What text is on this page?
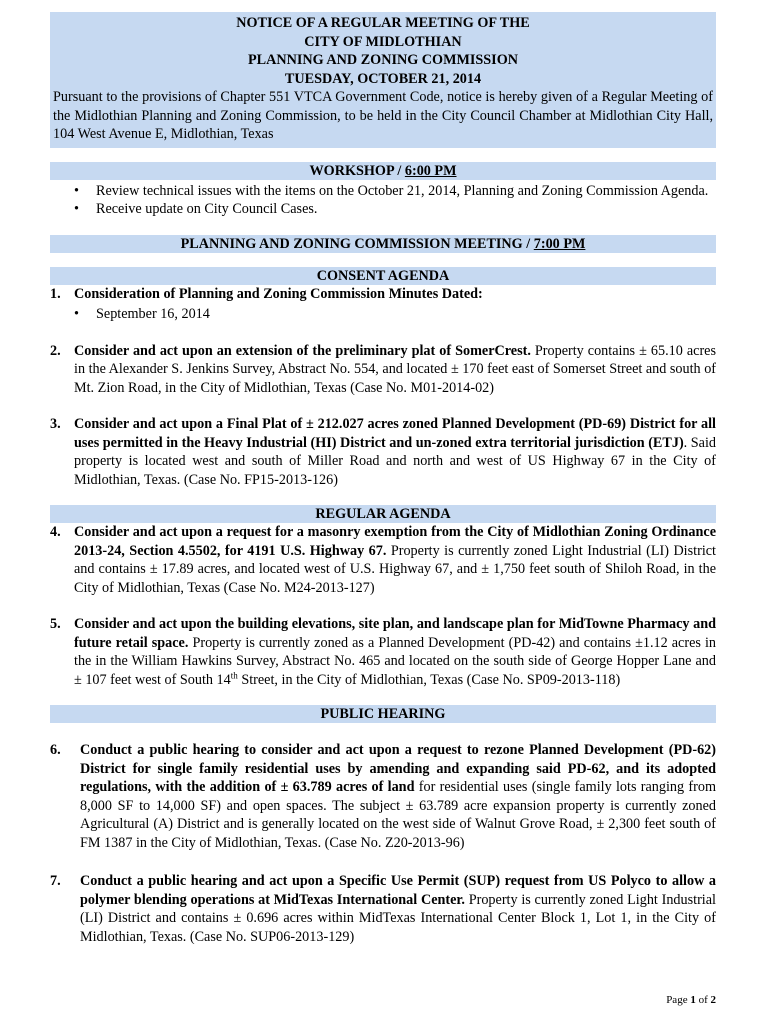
NOTICE OF A REGULAR MEETING OF THE
CITY OF MIDLOTHIAN
PLANNING AND ZONING COMMISSION
TUESDAY, OCTOBER 21, 2014
Pursuant to the provisions of Chapter 551 VTCA Government Code, notice is hereby given of a Regular Meeting of the Midlothian Planning and Zoning Commission, to be held in the City Council Chamber at Midlothian City Hall, 104 West Avenue E, Midlothian, Texas
WORKSHOP / 6:00 PM
• Review technical issues with the items on the October 21, 2014, Planning and Zoning Commission Agenda.
• Receive update on City Council Cases.
PLANNING AND ZONING COMMISSION MEETING / 7:00 PM
CONSENT AGENDA
1. Consideration of Planning and Zoning Commission Minutes Dated:
• September 16, 2014
2. Consider and act upon an extension of the preliminary plat of SomerCrest. Property contains ± 65.10 acres in the Alexander S. Jenkins Survey, Abstract No. 554, and located ± 170 feet east of Somerset Street and south of Mt. Zion Road, in the City of Midlothian, Texas (Case No. M01-2014-02)
3. Consider and act upon a Final Plat of ± 212.027 acres zoned Planned Development (PD-69) District for all uses permitted in the Heavy Industrial (HI) District and un-zoned extra territorial jurisdiction (ETJ). Said property is located west and south of Miller Road and north and west of US Highway 67 in the City of Midlothian, Texas. (Case No. FP15-2013-126)
REGULAR AGENDA
4. Consider and act upon a request for a masonry exemption from the City of Midlothian Zoning Ordinance 2013-24, Section 4.5502, for 4191 U.S. Highway 67. Property is currently zoned Light Industrial (LI) District and contains ± 17.89 acres, and located west of U.S. Highway 67, and ± 1,750 feet south of Shiloh Road, in the City of Midlothian, Texas (Case No. M24-2013-127)
5. Consider and act upon the building elevations, site plan, and landscape plan for MidTowne Pharmacy and future retail space. Property is currently zoned as a Planned Development (PD-42) and contains ±1.12 acres in the in the William Hawkins Survey, Abstract No. 465 and located on the south side of George Hopper Lane and ± 107 feet west of South 14th Street, in the City of Midlothian, Texas (Case No. SP09-2013-118)
PUBLIC HEARING
6. Conduct a public hearing to consider and act upon a request to rezone Planned Development (PD-62) District for single family residential uses by amending and expanding said PD-62, and its adopted regulations, with the addition of ± 63.789 acres of land for residential uses (single family lots ranging from 8,000 SF to 14,000 SF) and open spaces. The subject ± 63.789 acre expansion property is currently zoned Agricultural (A) District and is generally located on the west side of Walnut Grove Road, ± 2,300 feet south of FM 1387 in the City of Midlothian, Texas. (Case No. Z20-2013-96)
7. Conduct a public hearing and act upon a Specific Use Permit (SUP) request from US Polyco to allow a polymer blending operations at MidTexas International Center. Property is currently zoned Light Industrial (LI) District and contains ± 0.696 acres within MidTexas International Center Block 1, Lot 1, in the City of Midlothian, Texas. (Case No. SUP06-2013-129)
Page 1 of 2
